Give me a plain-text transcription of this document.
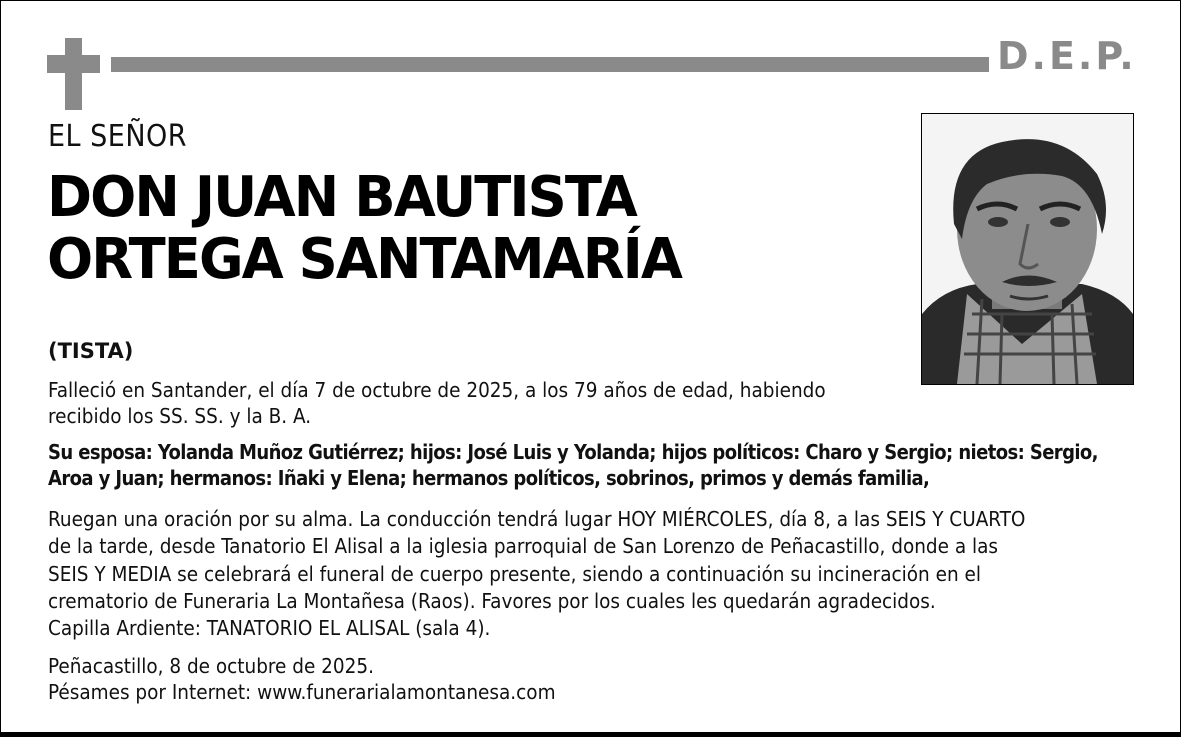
D.E.P.
EL SEÑOR
DON JUAN BAUTISTA
ORTEGA SANTAMARÍA
(TISTA)
Falleció en Santander, el día 7 de octubre de 2025, a los 79 años de edad, habiendo
recibido los SS. SS. y la B. A.
Su esposa: Yolanda Muñoz Gutiérrez; hijos: José Luis y Yolanda; hijos políticos: Charo y Sergio; nietos: Sergio,
Aroa y Juan; hermanos: Iñaki y Elena; hermanos políticos, sobrinos, primos y demás familia,
Ruegan una oración por su alma. La conducción tendrá lugar HOY MIÉRCOLES, día 8, a las SEIS Y CUARTO
de la tarde, desde Tanatorio El Alisal a la iglesia parroquial de San Lorenzo de Peñacastillo, donde a las
SEIS Y MEDIA se celebrará el funeral de cuerpo presente, siendo a continuación su incineración en el
crematorio de Funeraria La Montañesa (Raos). Favores por los cuales les quedarán agradecidos.
Capilla Ardiente: TANATORIO EL ALISAL (sala 4).
Peñacastillo, 8 de octubre de 2025.
Pésames por Internet: www.funerarialamontanesa.com
